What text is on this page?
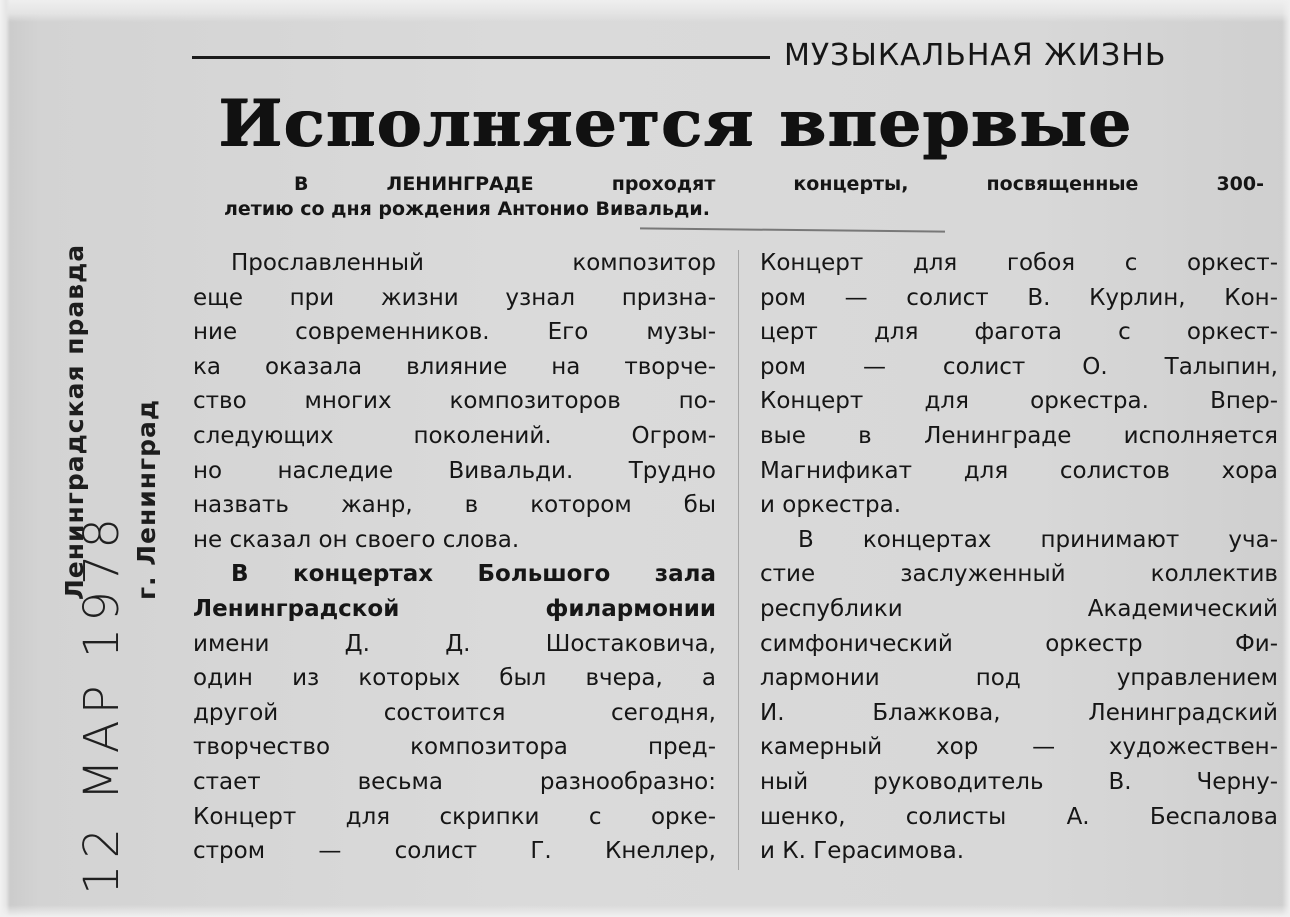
МУЗЫКАЛЬНАЯ ЖИЗНЬ
Исполняется впервые
В ЛЕНИНГРАДЕ проходят концерты, посвященные 300-
летию со дня рождения Антонио Вивальди.
Прославленный композитор
еще при жизни узнал призна-
ние современников. Его музы-
ка оказала влияние на творче-
ство многих композиторов по-
следующих поколений. Огром-
но наследие Вивальди. Трудно
назвать жанр, в котором бы
не сказал он своего слова.
В концертах Большого зала
Ленинградской филармонии
имени Д. Д. Шостаковича,
один из которых был вчера, а
другой состоится сегодня,
творчество композитора пред-
стает весьма разнообразно:
Концерт для скрипки с орке-
стром — солист Г. Кнеллер,
Концерт для гобоя с оркест-
ром — солист В. Курлин, Кон-
церт для фагота с оркест-
ром — солист О. Талыпин,
Концерт для оркестра. Впер-
вые в Ленинграде исполняется
Магнификат для солистов хора
и оркестра.
В концертах принимают уча-
стие заслуженный коллектив
республики Академический
симфонический оркестр Фи-
лармонии под управлением
И. Блажкова, Ленинградский
камерный хор — художествен-
ный руководитель В. Черну-
шенко, солисты А. Беспалова
и К. Герасимова.
Ленинградская правда г. Ленинград
12 МАР 1978
